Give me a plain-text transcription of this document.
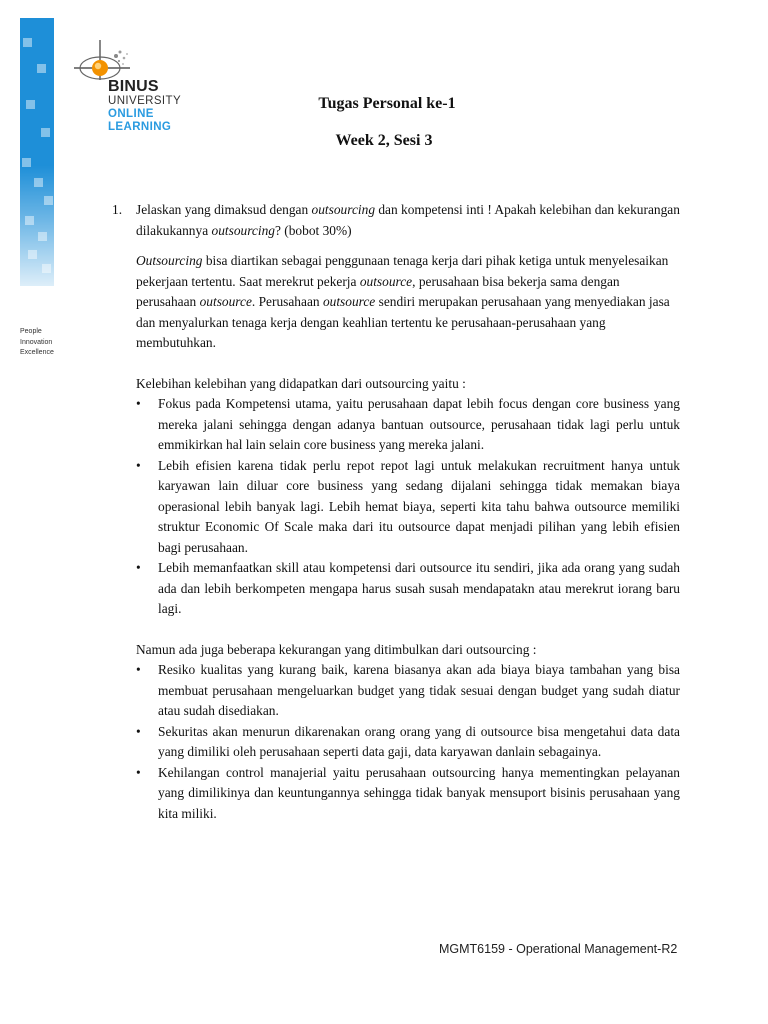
People
Innovation
Excellence
BINUS
UNIVERSITY
ONLINE
LEARNING
Tugas Personal ke-1
Week 2, Sesi 3
1. Jelaskan yang dimaksud dengan outsourcing dan kompetensi inti ! Apakah kelebihan dan kekurangan dilakukannya outsourcing? (bobot 30%)

Outsourcing bisa diartikan sebagai penggunaan tenaga kerja dari pihak ketiga untuk menyelesaikan pekerjaan tertentu. Saat merekrut pekerja outsource, perusahaan bisa bekerja sama dengan perusahaan outsource. Perusahaan outsource sendiri merupakan perusahaan yang menyediakan jasa dan menyalurkan tenaga kerja dengan keahlian tertentu ke perusahaan-perusahaan yang membutuhkan.

Kelebihan kelebihan yang didapatkan dari outsourcing yaitu :
• Fokus pada Kompetensi utama, yaitu perusahaan dapat lebih focus dengan core business yang mereka jalani sehingga dengan adanya bantuan outsource, perusahaan tidak lagi perlu untuk emmikirkan hal lain selain core business yang mereka jalani.
• Lebih efisien karena tidak perlu repot repot lagi untuk melakukan recruitment hanya untuk karyawan lain diluar core business yang sedang dijalani sehingga tidak memakan biaya operasional lebih banyak lagi. Lebih hemat biaya, seperti kita tahu bahwa outsource memiliki struktur Economic Of Scale maka dari itu outsource dapat menjadi pilihan yang lebih efisien bagi perusahaan.
• Lebih memanfaatkan skill atau kompetensi dari outsource itu sendiri, jika ada orang yang sudah ada dan lebih berkompeten mengapa harus susah susah mendapatakn atau merekrut iorang baru lagi.
Namun ada juga beberapa kekurangan yang ditimbulkan dari outsourcing :
• Resiko kualitas yang kurang baik, karena biasanya akan ada biaya biaya tambahan yang bisa membuat perusahaan mengeluarkan budget yang tidak sesuai dengan budget yang sudah diatur atau sudah disediakan.
• Sekuritas akan menurun dikarenakan orang orang yang di outsource bisa mengetahui data data yang dimiliki oleh perusahaan seperti data gaji, data karyawan danlain sebagainya.
• Kehilangan control manajerial yaitu perusahaan outsourcing hanya mementingkan pelayanan yang dimilikinya dan keuntungannya sehingga tidak banyak mensuport bisinis perusahaan yang kita miliki.
MGMT6159 - Operational Management-R2
